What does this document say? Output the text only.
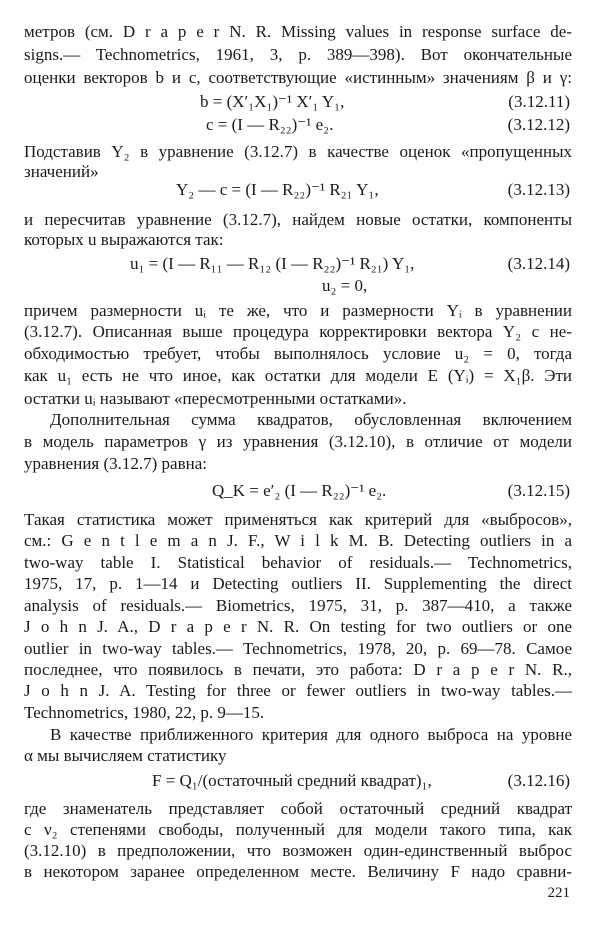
метров (см. D r a p e r N. R. Missing values in response surface de-
signs.— Technometrics, 1961, 3, p. 389—398). Вот окончательные
оценки векторов b и c, соответствующие «истинным» значениям β и γ:
b = (X′₁X₁)⁻¹ X′₁ Y₁,	(3.12.11)
c = (I — R₂₂)⁻¹ e₂.	(3.12.12)
Подставив Y₂ в уравнение (3.12.7) в качестве оценок «пропущенных
значений»
Y₂ — c = (I — R₂₂)⁻¹ R₂₁ Y₁,	(3.12.13)
и пересчитав уравнение (3.12.7), найдем новые остатки, компоненты
которых u выражаются так:
u₁ = (I — R₁₁ — R₁₂ (I — R₂₂)⁻¹ R₂₁) Y₁,	(3.12.14)
u₂ = 0,
причем размерности uᵢ те же, что и размерности Yᵢ в уравнении
(3.12.7). Описанная выше процедура корректировки вектора Y₂ с не-
обходимостью требует, чтобы выполнялось условие u₂ = 0, тогда
как u₁ есть не что иное, как остатки для модели E (Yᵢ) = X₁β. Эти
остатки uᵢ называют «пересмотренными остатками».
Дополнительная сумма квадратов, обусловленная включением
в модель параметров γ из уравнения (3.12.10), в отличие от модели
уравнения (3.12.7) равна:
Q_K = e′₂ (I — R₂₂)⁻¹ e₂.	(3.12.15)
Такая статистика может применяться как критерий для «выбросов»,
см.: G e n t l e m a n J. F., W i l k M. B. Detecting outliers in a
two-way table I. Statistical behavior of residuals.— Technometrics,
1975, 17, p. 1—14 и Detecting outliers II. Supplementing the direct
analysis of residuals.— Biometrics, 1975, 31, p. 387—410, а также
J o h n J. A., D r a p e r N. R. On testing for two outliers or one
outlier in two-way tables.— Technometrics, 1978, 20, p. 69—78. Самое
последнее, что появилось в печати, это работа: D r a p e r N. R.,
J o h n J. A. Testing for three or fewer outliers in two-way tables.—
Technometrics, 1980, 22, p. 9—15.
В качестве приближенного критерия для одного выброса на уровне
α мы вычисляем статистику
F = Q₁/(остаточный средний квадрат)₁,	(3.12.16)
где знаменатель представляет собой остаточный средний квадрат
с ν₂ степенями свободы, полученный для модели такого типа, как
(3.12.10) в предположении, что возможен один-единственный выброс
в некотором заранее определенном месте. Величину F надо сравни-
221
